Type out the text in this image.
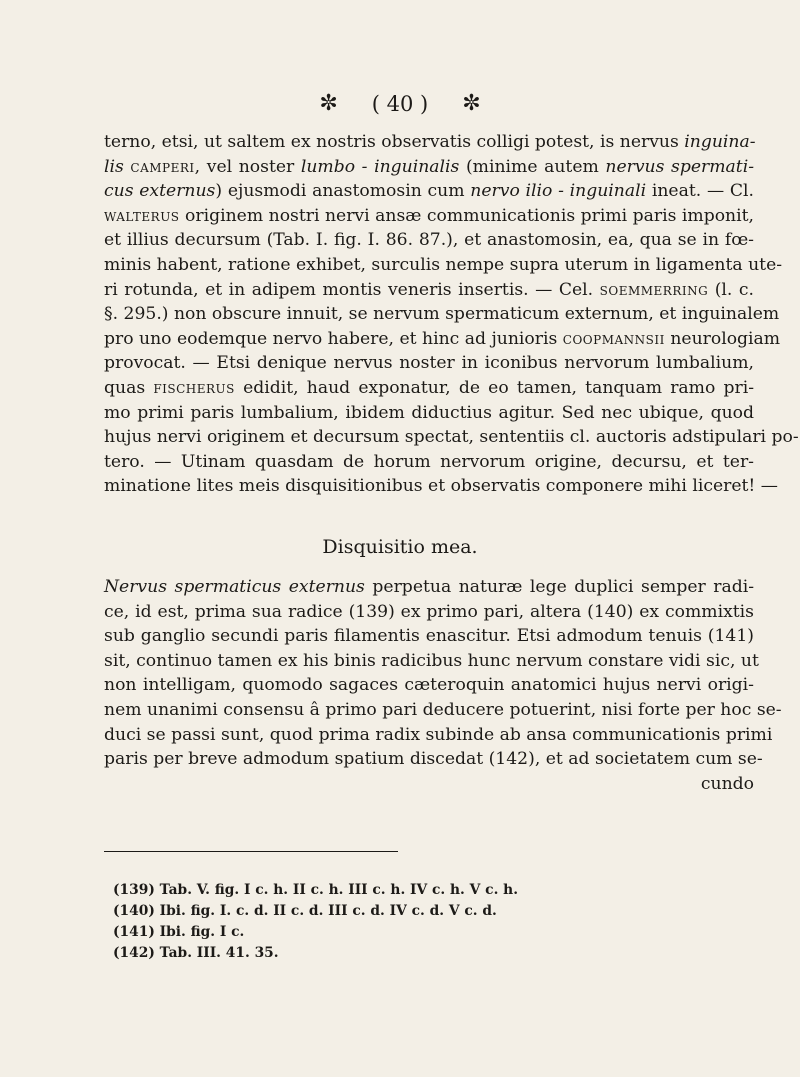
✼ ( 40 ) ✼
terno, etsi, ut saltem ex nostris observatis colligi potest, is nervus inguina-
lis camperi, vel noster lumbo - inguinalis (minime autem nervus spermati-
cus externus) ejusmodi anastomosin cum nervo ilio - inguinali ineat. — Cl.
walterus originem nostri nervi ansæ communicationis primi paris imponit,
et illius decursum (Tab. I. fig. I. 86. 87.), et anastomosin, ea, qua se in fœ-
minis habent, ratione exhibet, surculis nempe supra uterum in ligamenta ute-
ri rotunda, et in adipem montis veneris insertis. — Cel. soemmerring (l. c.
§. 295.) non obscure innuit, se nervum spermaticum externum, et inguinalem
pro uno eodemque nervo habere, et hinc ad junioris coopmannsii neurologiam
provocat. — Etsi denique nervus noster in iconibus nervorum lumbalium,
quas fischerus edidit, haud exponatur, de eo tamen, tanquam ramo pri-
mo primi paris lumbalium, ibidem diductius agitur. Sed nec ubique, quod
hujus nervi originem et decursum spectat, sententiis cl. auctoris adstipulari po-
tero. — Utinam quasdam de horum nervorum origine, decursu, et ter-
minatione lites meis disquisitionibus et observatis componere mihi liceret! —
Disquisitio mea.
Nervus spermaticus externus perpetua naturæ lege duplici semper radi-
ce, id est, prima sua radice (139) ex primo pari, altera (140) ex commixtis
sub ganglio secundi paris filamentis enascitur. Etsi admodum tenuis (141)
sit, continuo tamen ex his binis radicibus hunc nervum constare vidi sic, ut
non intelligam, quomodo sagaces cæteroquin anatomici hujus nervi origi-
nem unanimi consensu â primo pari deducere potuerint, nisi forte per hoc se-
duci se passi sunt, quod prima radix subinde ab ansa communicationis primi
paris per breve admodum spatium discedat (142), et ad societatem cum se-
cundo
(139) Tab. V. fig. I c. h. II c. h. III c. h. IV c. h. V c. h.
(140) Ibi. fig. I. c. d. II c. d. III c. d. IV c. d. V c. d.
(141) Ibi. fig. I c.
(142) Tab. III. 41. 35.
